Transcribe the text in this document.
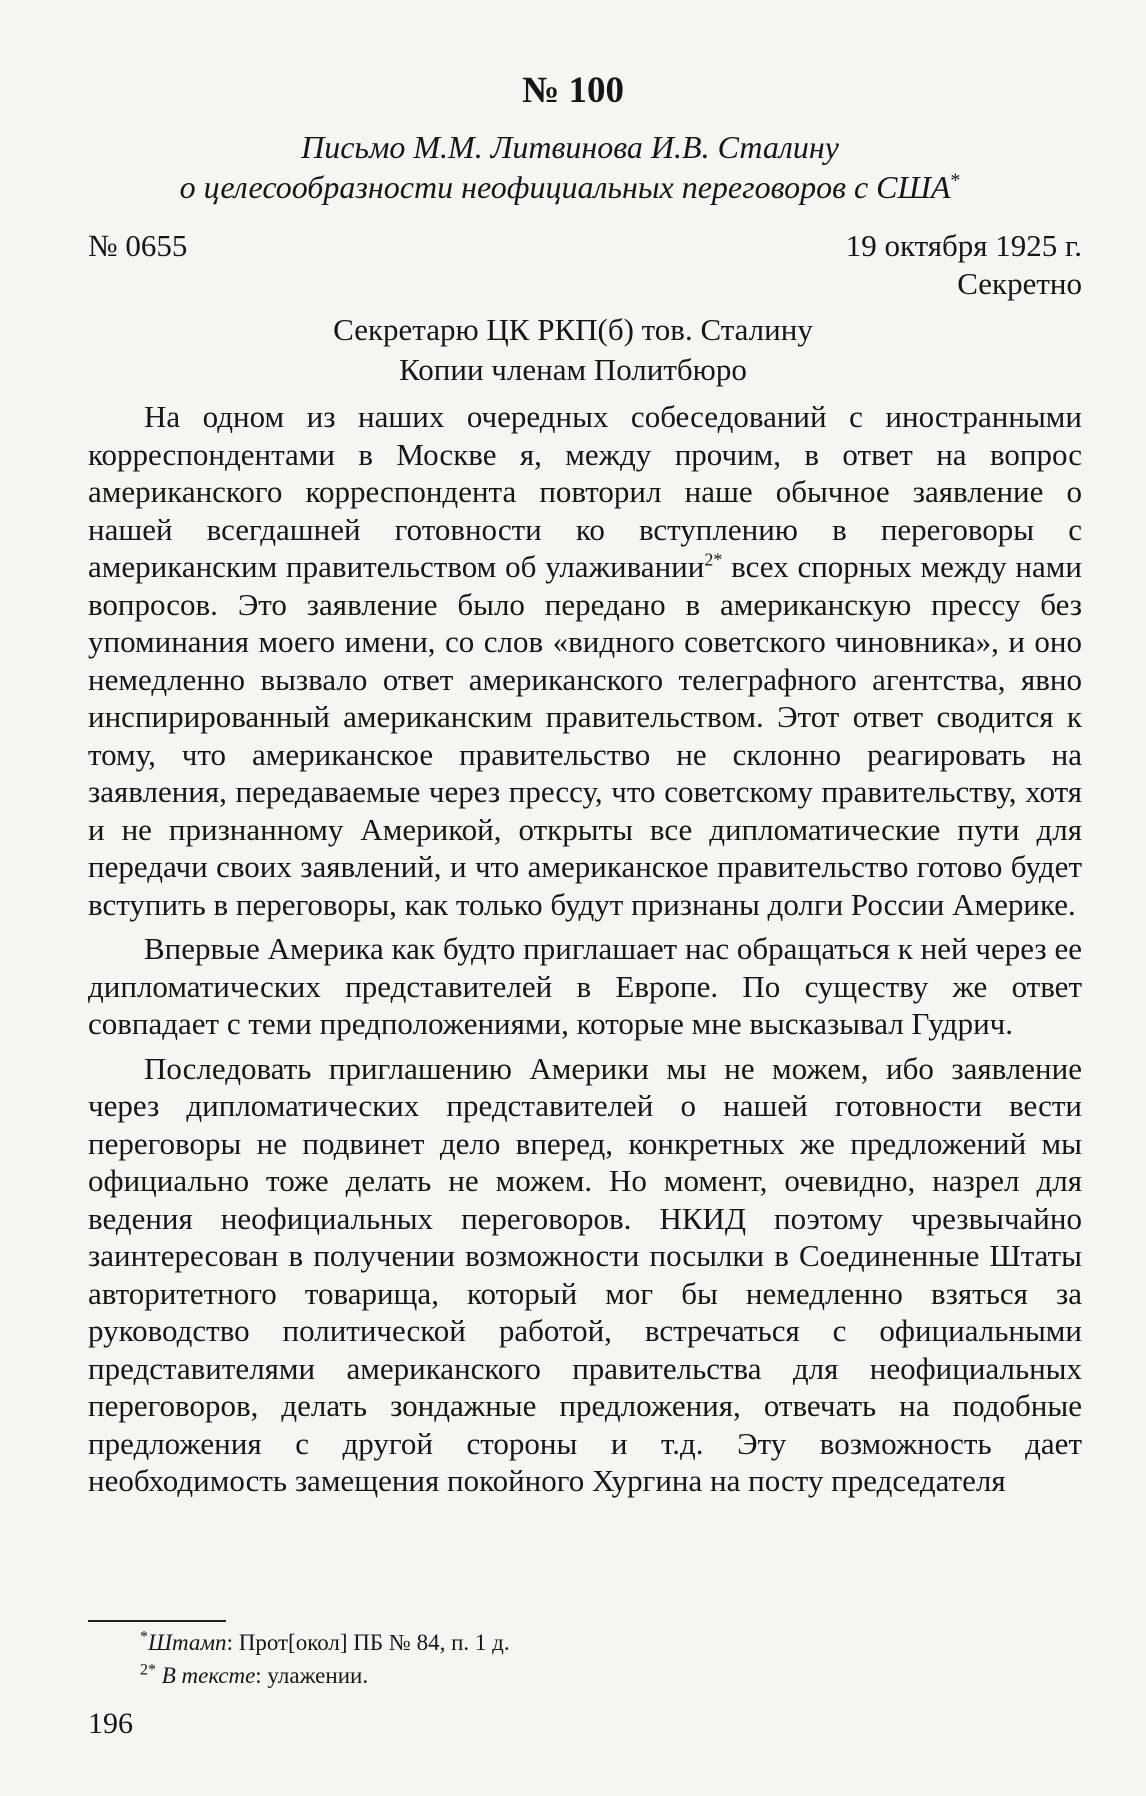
№ 100
Письмо М.М. Литвинова И.В. Сталину
о целесообразности неофициальных переговоров с США*
№ 0655	19 октября 1925 г.
Секретно
Секретарю ЦК РКП(б) тов. Сталину
Копии членам Политбюро

На одном из наших очередных собеседований с иностранными корреспондентами в Москве я, между прочим, в ответ на вопрос американского корреспондента повторил наше обычное заявление о нашей всегдашней готовности ко вступлению в переговоры с американским правительством об улаживании$^{2*}$ всех спорных между нами вопросов. Это заявление было передано в американскую прессу без упоминания моего имени, со слов «видного советского чиновника», и оно немедленно вызвало ответ американского телеграфного агентства, явно инспирированный американским правительством. Этот ответ сводится к тому, что американское правительство не склонно реагировать на заявления, передаваемые через прессу, что советскому правительству, хотя и не признанному Америкой, открыты все дипломатические пути для передачи своих заявлений, и что американское правительство готово будет вступить в переговоры, как только будут признаны долги России Америке.

Впервые Америка как будто приглашает нас обращаться к ней через ее дипломатических представителей в Европе. По существу же ответ совпадает с теми предположениями, которые мне высказывал Гудрич.

Последовать приглашению Америки мы не можем, ибо заявление через дипломатических представителей о нашей готовности вести переговоры не подвинет дело вперед, конкретных же предложений мы официально тоже делать не можем. Но момент, очевидно, назрел для ведения неофициальных переговоров. НКИД поэтому чрезвычайно заинтересован в получении возможности посылки в Соединенные Штаты авторитетного товарища, который мог бы немедленно взяться за руководство политической работой, встречаться с официальными представителями американского правительства для неофициальных переговоров, делать зондажные предложения, отвечать на подобные предложения с другой стороны и т.д. Эту возможность дает необходимость замещения покойного Хургина на посту председателя

*Штамп: Прот[окол] ПБ № 84, п. 1 д.
$^{2*}$ В тексте: улажении.
196
